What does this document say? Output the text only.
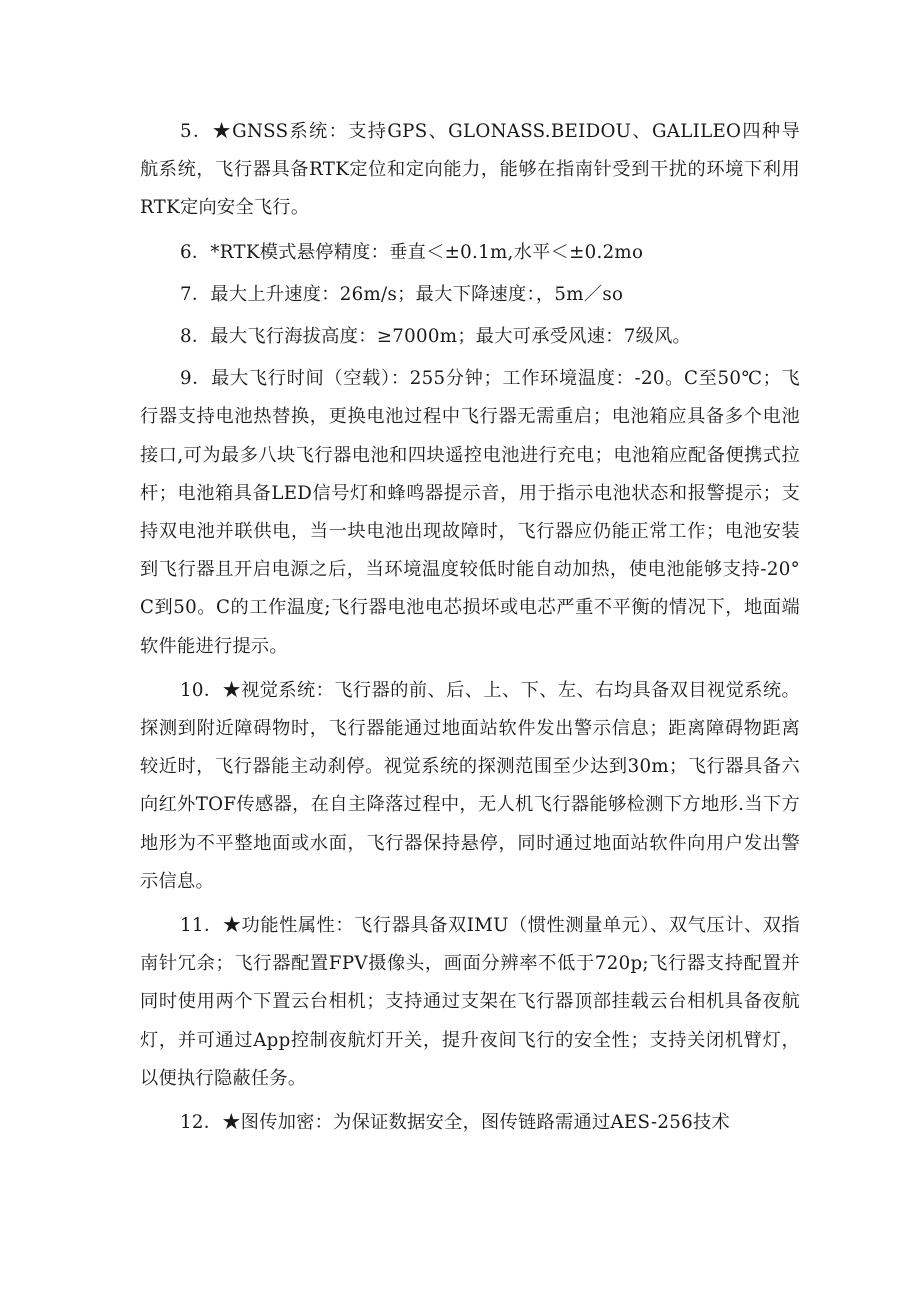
5．★GNSS系统：支持GPS、GLONASS.BEIDOU、GALILEO四种导航系统，飞行器具备RTK定位和定向能力，能够在指南针受到干扰的环境下利用RTK定向安全飞行。

6．*RTK模式悬停精度：垂直＜±0.1m,水平＜±0.2mo

7．最大上升速度：26m/s；最大下降速度：，5m／so

8．最大飞行海拔高度：≥7000m；最大可承受风速：7级风。

9．最大飞行时间（空载）：255分钟；工作环境温度：-20。C至50℃；飞行器支持电池热替换，更换电池过程中飞行器无需重启；电池箱应具备多个电池接口,可为最多八块飞行器电池和四块遥控电池进行充电；电池箱应配备便携式拉杆；电池箱具备LED信号灯和蜂鸣器提示音，用于指示电池状态和报警提示；支持双电池并联供电，当一块电池出现故障时，飞行器应仍能正常工作；电池安装到飞行器且开启电源之后，当环境温度较低时能自动加热，使电池能够支持-20°C到50。C的工作温度;飞行器电池电芯损坏或电芯严重不平衡的情况下，地面端软件能进行提示。

10．★视觉系统：飞行器的前、后、上、下、左、右均具备双目视觉系统。探测到附近障碍物时，飞行器能通过地面站软件发出警示信息；距离障碍物距离较近时，飞行器能主动刹停。视觉系统的探测范围至少达到30m；飞行器具备六向红外TOF传感器，在自主降落过程中，无人机飞行器能够检测下方地形.当下方地形为不平整地面或水面，飞行器保持悬停，同时通过地面站软件向用户发出警示信息。

11．★功能性属性：飞行器具备双IMU（惯性测量单元）、双气压计、双指南针冗余；飞行器配置FPV摄像头，画面分辨率不低于720p;飞行器支持配置并同时使用两个下置云台相机；支持通过支架在飞行器顶部挂载云台相机具备夜航灯，并可通过App控制夜航灯开关，提升夜间飞行的安全性；支持关闭机臂灯，以便执行隐蔽任务。

12．★图传加密：为保证数据安全，图传链路需通过AES-256技术
